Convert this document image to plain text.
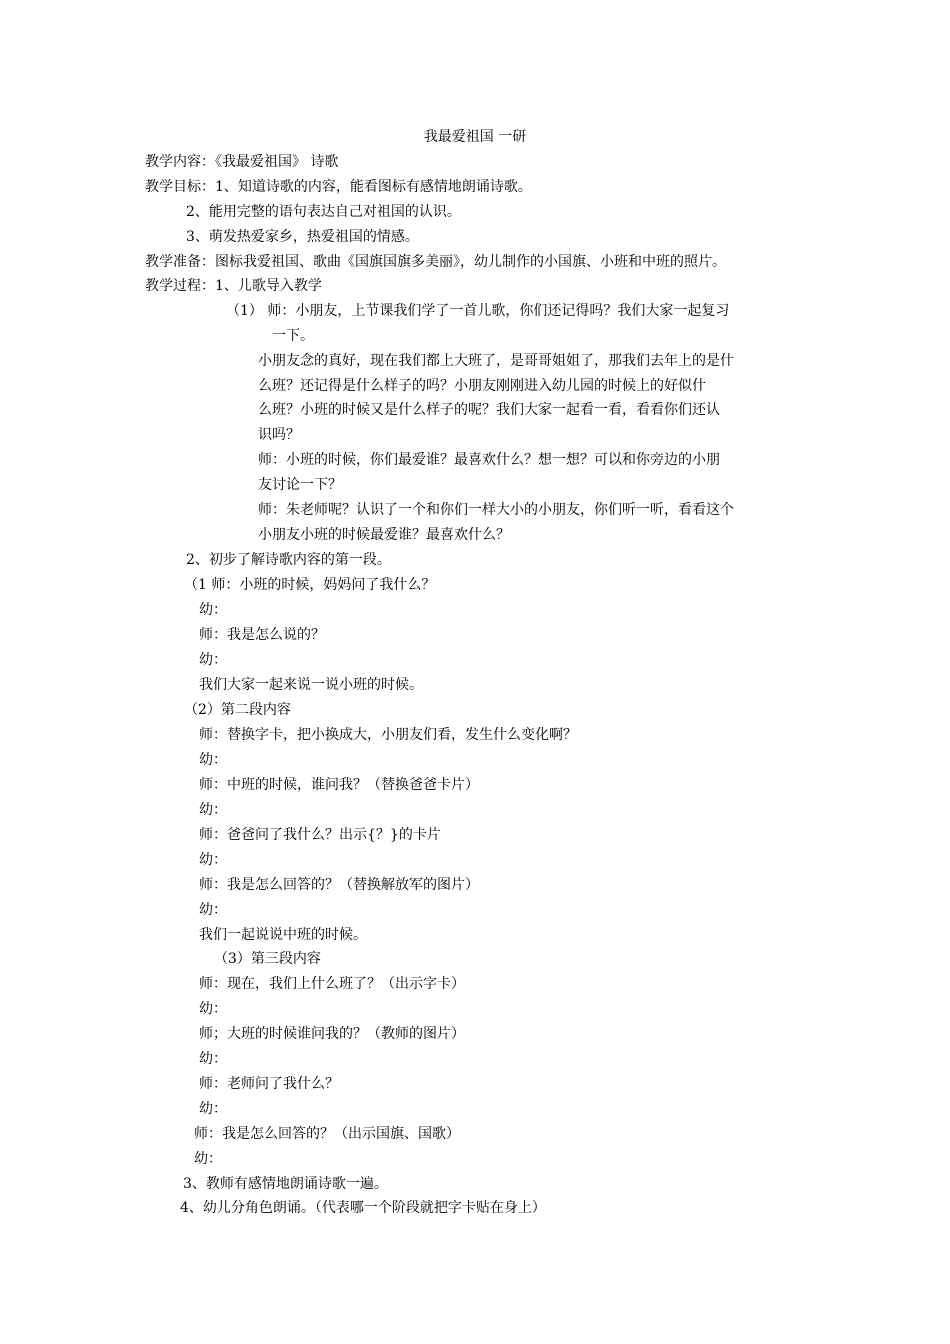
我最爱祖国 一研
教学内容：《我最爱祖国》 诗歌
教学目标：1、知道诗歌的内容，能看图标有感情地朗诵诗歌。
2、能用完整的语句表达自己对祖国的认识。
3、萌发热爱家乡，热爱祖国的情感。
教学准备：图标我爱祖国、歌曲《国旗国旗多美丽》，幼儿制作的小国旗、小班和中班的照片。
教学过程：1、儿歌导入教学
（1） 师：小朋友，上节课我们学了一首儿歌，你们还记得吗？我们大家一起复习
一下。
小朋友念的真好，现在我们都上大班了，是哥哥姐姐了，那我们去年上的是什
么班？还记得是什么样子的吗？小朋友刚刚进入幼儿园的时候上的好似什
么班？小班的时候又是什么样子的呢？我们大家一起看一看，看看你们还认
识吗？
师：小班的时候，你们最爱谁？最喜欢什么？想一想？可以和你旁边的小朋
友讨论一下？
师：朱老师呢？认识了一个和你们一样大小的小朋友，你们听一听，看看这个
小朋友小班的时候最爱谁？最喜欢什么？
2、初步了解诗歌内容的第一段。
（1 师：小班的时候，妈妈问了我什么？
幼：
师：我是怎么说的？
幼：
我们大家一起来说一说小班的时候。
（2）第二段内容
师：替换字卡，把小换成大，小朋友们看，发生什么变化啊？
幼：
师：中班的时候，谁问我？（替换爸爸卡片）
幼：
师：爸爸问了我什么？出示{？}的卡片
幼：
师：我是怎么回答的？（替换解放军的图片）
幼：
我们一起说说中班的时候。
（3）第三段内容
师：现在，我们上什么班了？（出示字卡）
幼：
师；大班的时候谁问我的？（教师的图片）
幼：
师：老师问了我什么？
幼：
师：我是怎么回答的？（出示国旗、国歌）
幼：
3、教师有感情地朗诵诗歌一遍。
4、幼儿分角色朗诵。（代表哪一个阶段就把字卡贴在身上）
